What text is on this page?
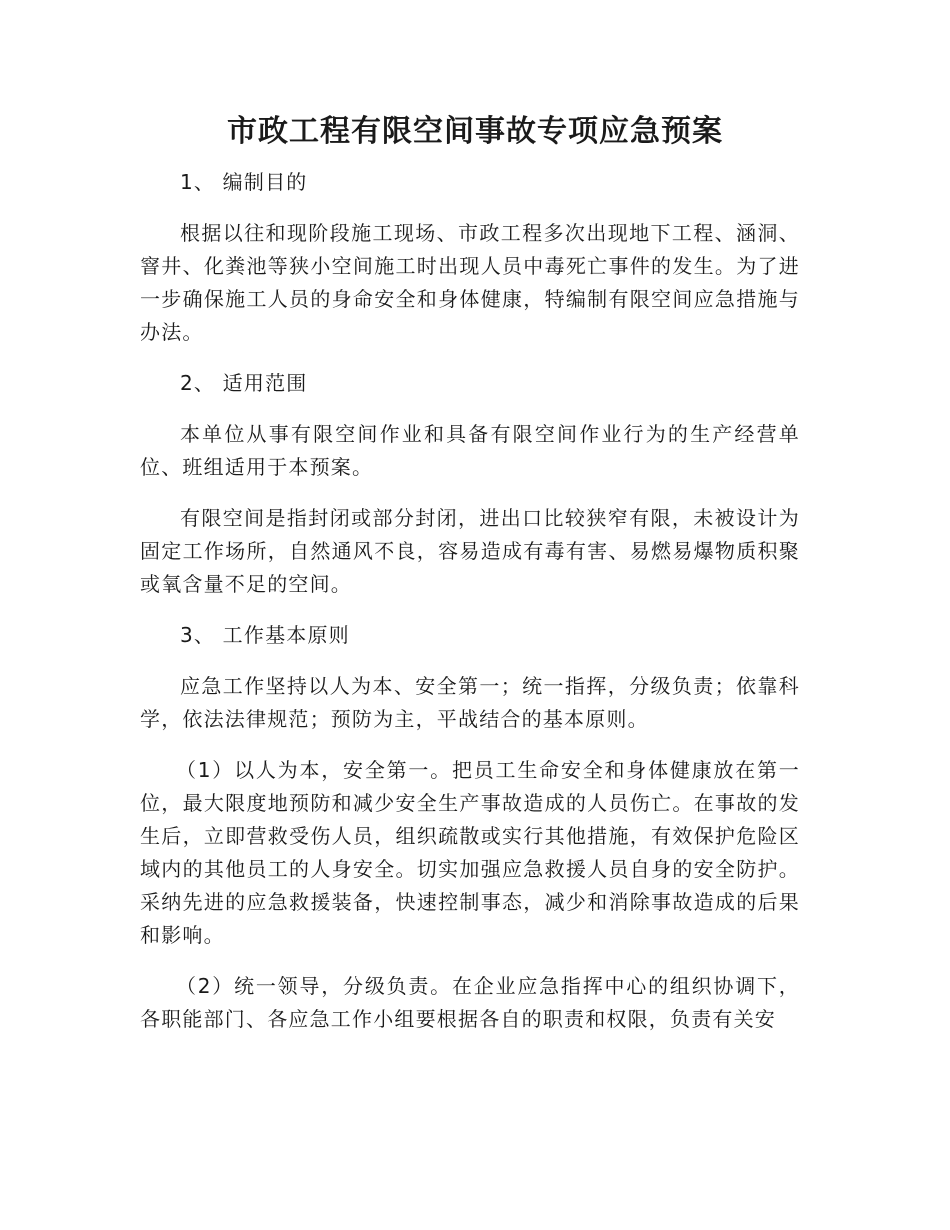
市政工程有限空间事故专项应急预案

1、 编制目的

根据以往和现阶段施工现场、市政工程多次出现地下工程、涵洞、窨井、化粪池等狭小空间施工时出现人员中毒死亡事件的发生。为了进一步确保施工人员的身命安全和身体健康，特编制有限空间应急措施与办法。

2、 适用范围

本单位从事有限空间作业和具备有限空间作业行为的生产经营单位、班组适用于本预案。

有限空间是指封闭或部分封闭，进出口比较狭窄有限，未被设计为固定工作场所，自然通风不良，容易造成有毒有害、易燃易爆物质积聚或氧含量不足的空间。

3、 工作基本原则

应急工作坚持以人为本、安全第一；统一指挥，分级负责；依靠科学，依法法律规范；预防为主，平战结合的基本原则。

（1）以人为本，安全第一。把员工生命安全和身体健康放在第一位，最大限度地预防和减少安全生产事故造成的人员伤亡。在事故的发生后，立即营救受伤人员，组织疏散或实行其他措施，有效保护危险区域内的其他员工的人身安全。切实加强应急救援人员自身的安全防护。采纳先进的应急救援装备，快速控制事态，减少和消除事故造成的后果和影响。

（2）统一领导，分级负责。在企业应急指挥中心的组织协调下，各职能部门、各应急工作小组要根据各自的职责和权限，负责有关安
